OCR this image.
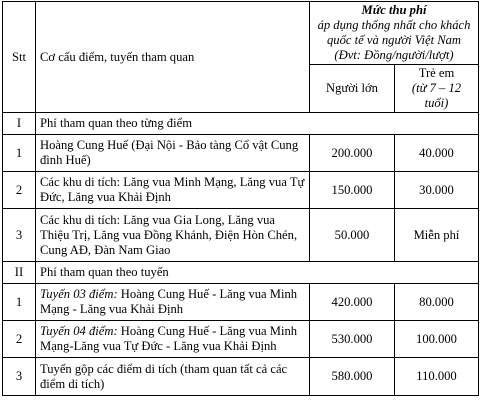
Stt	Cơ cấu điểm, tuyến tham quan	Mức thu phí
áp dụng thống nhất cho khách quốc tế và người Việt Nam (Đvt: Đồng/người/lượt)	

		Người lớn	Trẻ em
(từ 7 – 12 tuổi)

I	Phí tham quan theo từng điểm		
1	Hoàng Cung Huế (Đại Nội - Bảo tàng Cổ vật Cung đình Huế)	200.000	40.000
2	Các khu di tích: Lăng vua Minh Mạng, Lăng vua Tự Đức, Lăng vua Khải Định	150.000	30.000
3	Các khu di tích: Lăng vua Gia Long, Lăng vua Thiệu Trị, Lăng vua Đồng Khánh, Điện Hòn Chén, Cung AĐ, Đàn Nam Giao	50.000	Miễn phí
II	Phí tham quan theo tuyến		
1	Tuyến 03 điểm: Hoàng Cung Huế - Lăng vua Minh Mạng - Lăng vua Khải Định	420.000	80.000
2	Tuyến 04 điểm: Hoàng Cung Huế - Lăng vua Minh Mạng-Lăng vua Tự Đức - Lăng vua Khải Định	530.000	100.000
3	Tuyến gộp các điểm di tích (tham quan tất cả các điểm di tích)	580.000	110.000
